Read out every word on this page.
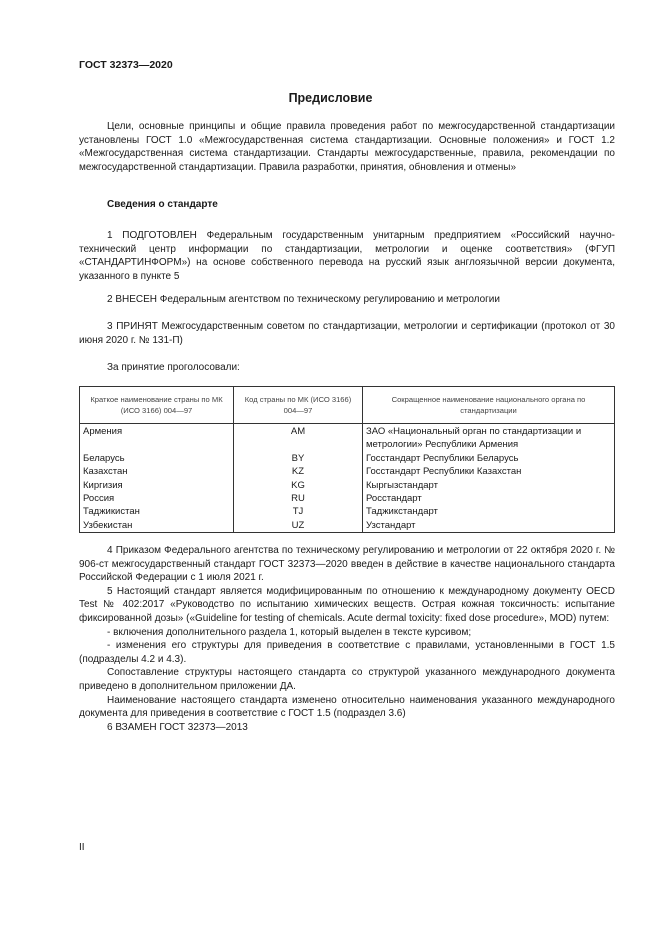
ГОСТ 32373—2020
Предисловие

Цели, основные принципы и общие правила проведения работ по межгосударственной стандартизации установлены ГОСТ 1.0 «Межгосударственная система стандартизации. Основные положения» и ГОСТ 1.2 «Межгосударственная система стандартизации. Стандарты межгосударственные, правила, рекомендации по межгосударственной стандартизации. Правила разработки, принятия, обновления и отмены»

Сведения о стандарте

1 ПОДГОТОВЛЕН Федеральным государственным унитарным предприятием «Российский научно-технический центр информации по стандартизации, метрологии и оценке соответствия» (ФГУП «СТАНДАРТИНФОРМ») на основе собственного перевода на русский язык англоязычной версии документа, указанного в пункте 5

2 ВНЕСЕН Федеральным агентством по техническому регулированию и метрологии

3 ПРИНЯТ Межгосударственным советом по стандартизации, метрологии и сертификации (протокол от 30 июня 2020 г. № 131-П)

За принятие проголосовали:
Краткое наименование страны по МК (ИСО 3166) 004—97	Код страны по МК (ИСО 3166) 004—97	Сокращенное наименование национального органа по стандартизации
Армения	AM	ЗАО «Национальный орган по стандартизации и метрологии» Республики Армения
Беларусь	BY	Госстандарт Республики Беларусь
Казахстан	KZ	Госстандарт Республики Казахстан
Киргизия	KG	Кыргызстандарт
Россия	RU	Росстандарт
Таджикистан	TJ	Таджикстандарт
Узбекистан	UZ	Узстандарт

4 Приказом Федерального агентства по техническому регулированию и метрологии от 22 октября 2020 г. № 906-ст межгосударственный стандарт ГОСТ 32373—2020 введен в действие в качестве национального стандарта Российской Федерации с 1 июля 2021 г.

5 Настоящий стандарт является модифицированным по отношению к международному документу OECD Test № 402:2017 «Руководство по испытанию химических веществ. Острая кожная токсичность: испытание фиксированной дозы» («Guideline for testing of chemicals. Acute dermal toxicity: fixed dose procedure», MOD) путем:

- включения дополнительного раздела 1, который выделен в тексте курсивом;

- изменения его структуры для приведения в соответствие с правилами, установленными в ГОСТ 1.5 (подразделы 4.2 и 4.3).

Сопоставление структуры настоящего стандарта со структурой указанного международного документа приведено в дополнительном приложении ДА.

Наименование настоящего стандарта изменено относительно наименования указанного международного документа для приведения в соответствие с ГОСТ 1.5 (подраздел 3.6)

6 ВЗАМЕН ГОСТ 32373—2013

II
